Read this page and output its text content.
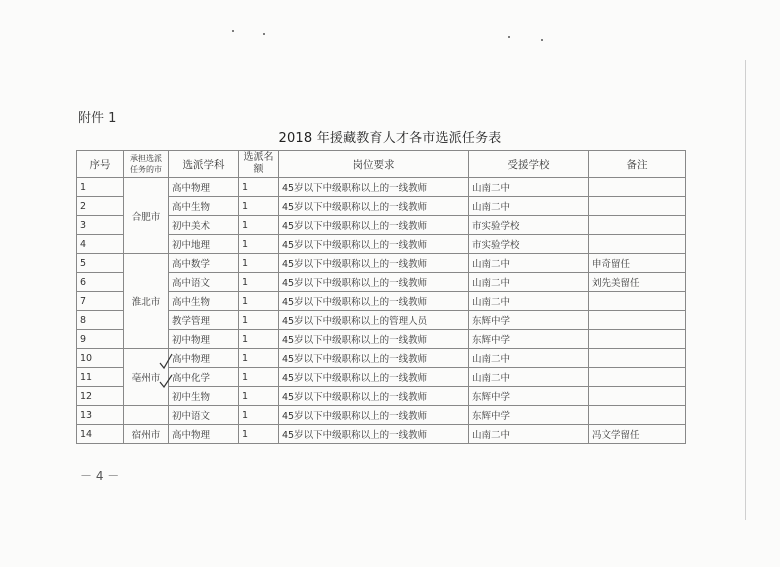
附件 1
2018 年援藏教育人才各市选派任务表
序号	承担选派任务的市	选派学科	选派名额	岗位要求	受援学校	备注
1	合肥市	高中物理	1	45岁以下中级职称以上的一线教师	山南二中	
2		高中生物	1	45岁以下中级职称以上的一线教师	山南二中	
3		初中美术	1	45岁以下中级职称以上的一线教师	市实验学校	
4		初中地理	1	45岁以下中级职称以上的一线教师	市实验学校	
5	淮北市	高中数学	1	45岁以下中级职称以上的一线教师	山南二中	申奇留任
6		高中语文	1	45岁以下中级职称以上的一线教师	山南二中	刘先美留任
7		高中生物	1	45岁以下中级职称以上的一线教师	山南二中	
8		教学管理	1	45岁以下中级职称以上的管理人员	东辉中学	
9		初中物理	1	45岁以下中级职称以上的一线教师	东辉中学	
10	亳州市	高中物理	1	45岁以下中级职称以上的一线教师	山南二中	
11		高中化学	1	45岁以下中级职称以上的一线教师	山南二中	
12		初中生物	1	45岁以下中级职称以上的一线教师	东辉中学	
13		初中语文	1	45岁以下中级职称以上的一线教师	东辉中学	
14	宿州市	高中物理	1	45岁以下中级职称以上的一线教师	山南二中	冯文学留任
－ 4 －
